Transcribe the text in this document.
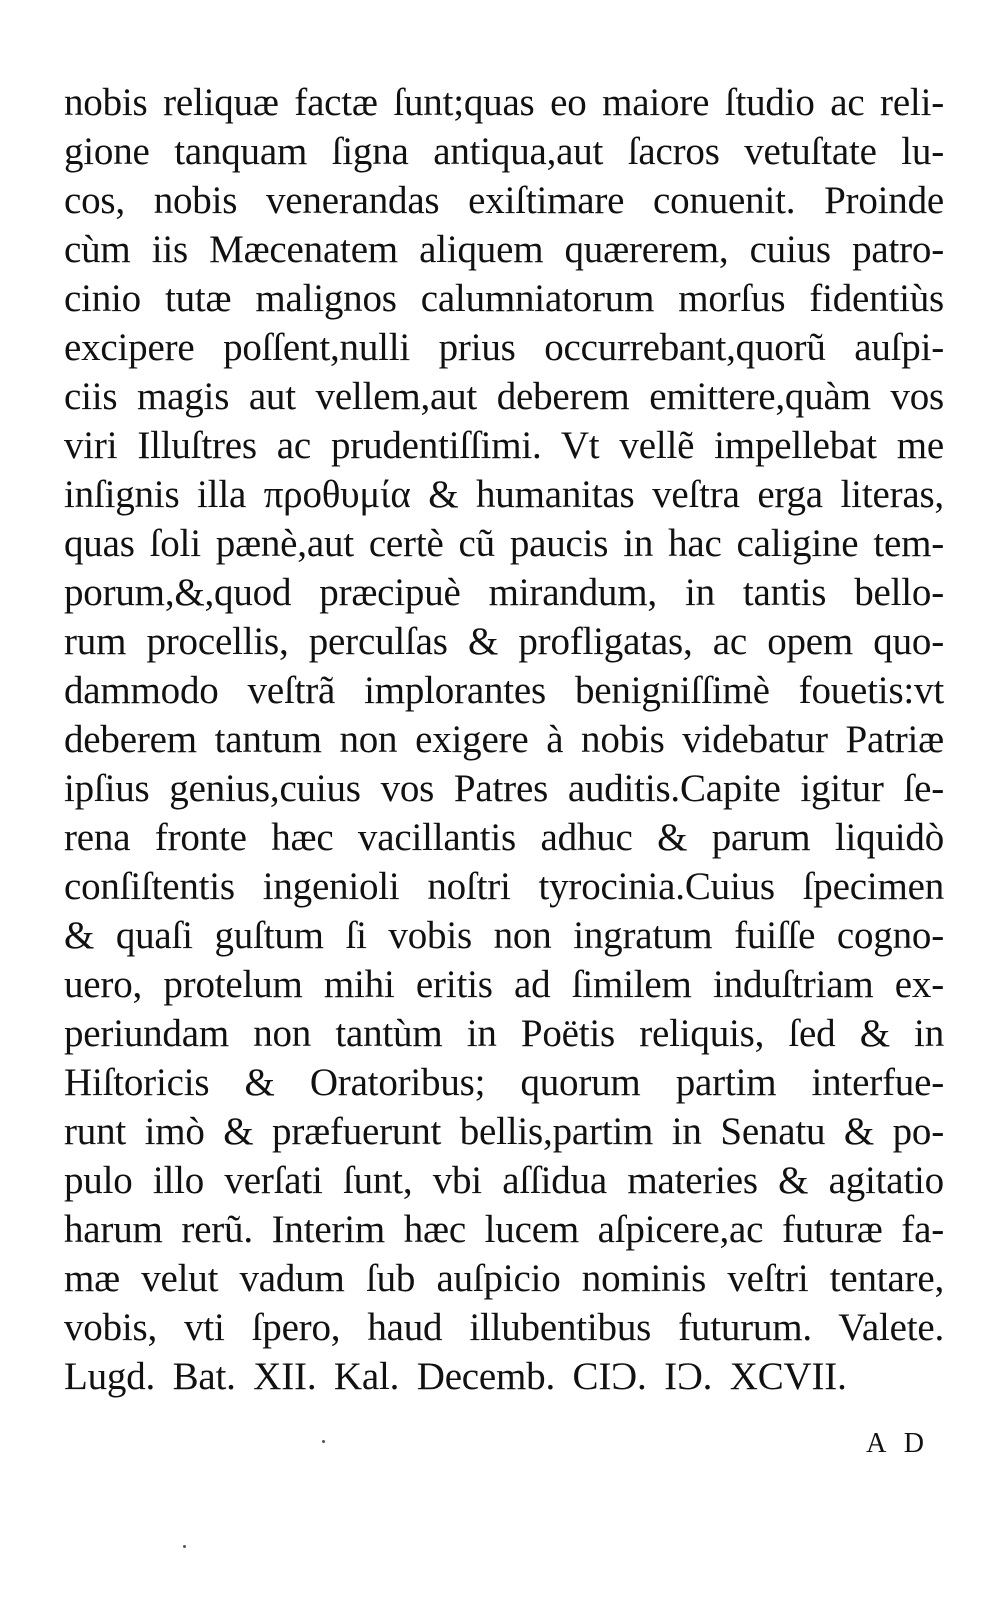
nobis reliquæ factæ ſunt;quas eo maiore ſtudio ac reli-
gione tanquam ſigna antiqua,aut ſacros vetuſtate lu-
cos, nobis venerandas exiſtimare conuenit. Proinde
cùm iis Mæcenatem aliquem quærerem, cuius patro-
cinio tutæ malignos calumniatorum morſus fidentiùs
excipere poſſent,nulli prius occurrebant,quorũ auſpi-
ciis magis aut vellem,aut deberem emittere,quàm vos
viri Illuſtres ac prudentiſſimi. Vt vellẽ impellebat me
inſignis illa προθυμία & humanitas veſtra erga literas,
quas ſoli pænè,aut certè cũ paucis in hac caligine tem-
porum,&,quod præcipuè mirandum, in tantis bello-
rum procellis, perculſas & profligatas, ac opem quo-
dammodo veſtrã implorantes benigniſſimè fouetis:vt
deberem tantum non exigere à nobis videbatur Patriæ
ipſius genius,cuius vos Patres auditis.Capite igitur ſe-
rena fronte hæc vacillantis adhuc & parum liquidò
conſiſtentis ingenioli noſtri tyrocinia.Cuius ſpecimen
& quaſi guſtum ſi vobis non ingratum fuiſſe cogno-
uero, protelum mihi eritis ad ſimilem induſtriam ex-
periundam non tantùm in Poëtis reliquis, ſed & in
Hiſtoricis & Oratoribus; quorum partim interfue-
runt imò & præfuerunt bellis,partim in Senatu & po-
pulo illo verſati ſunt, vbi aſſidua materies & agitatio
harum rerũ. Interim hæc lucem aſpicere,ac futuræ fa-
mæ velut vadum ſub auſpicio nominis veſtri tentare,
vobis, vti ſpero, haud illubentibus futurum. Valete.
Lugd. Bat. XII. Kal. Decemb. CIƆ. IƆ. XCVII.
A D
